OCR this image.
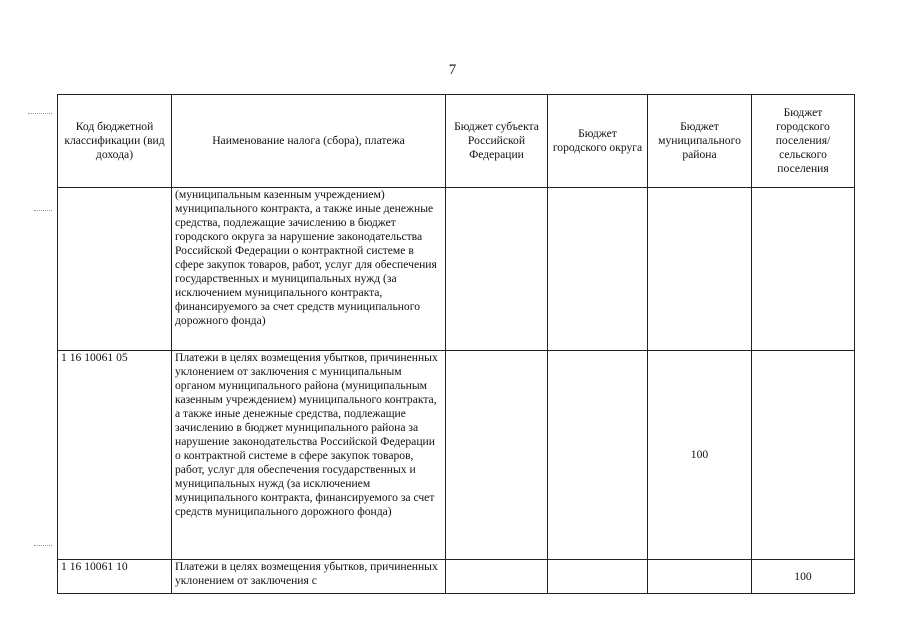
7
Код бюджетной классификации (вид дохода)	Наименование налога (сбора), платежа	Бюджет субъекта Российской Федерации	Бюджет городского округа	Бюджет муниципального района	Бюджет городского поселения/ сельского поселения
	(муниципальным казенным учреждением) муниципального контракта, а также иные денежные средства, подлежащие зачислению в бюджет городского округа за нарушение законодательства Российской Федерации о контрактной системе в сфере закупок товаров, работ, услуг для обеспечения государственных и муниципальных нужд (за исключением муниципального контракта, финансируемого за счет средств муниципального дорожного фонда)				
1 16 10061 05	Платежи в целях возмещения убытков, причиненных уклонением от заключения с муниципальным органом муниципального района (муниципальным казенным учреждением) муниципального контракта, а также иные денежные средства, подлежащие зачислению в бюджет муниципального района за нарушение законодательства Российской Федерации о контрактной системе в сфере закупок товаров, работ, услуг для обеспечения государственных и муниципальных нужд (за исключением муниципального контракта, финансируемого за счет средств муниципального дорожного фонда)			100	
1 16 10061 10	Платежи в целях возмещения убытков, причиненных уклонением от заключения с				100
